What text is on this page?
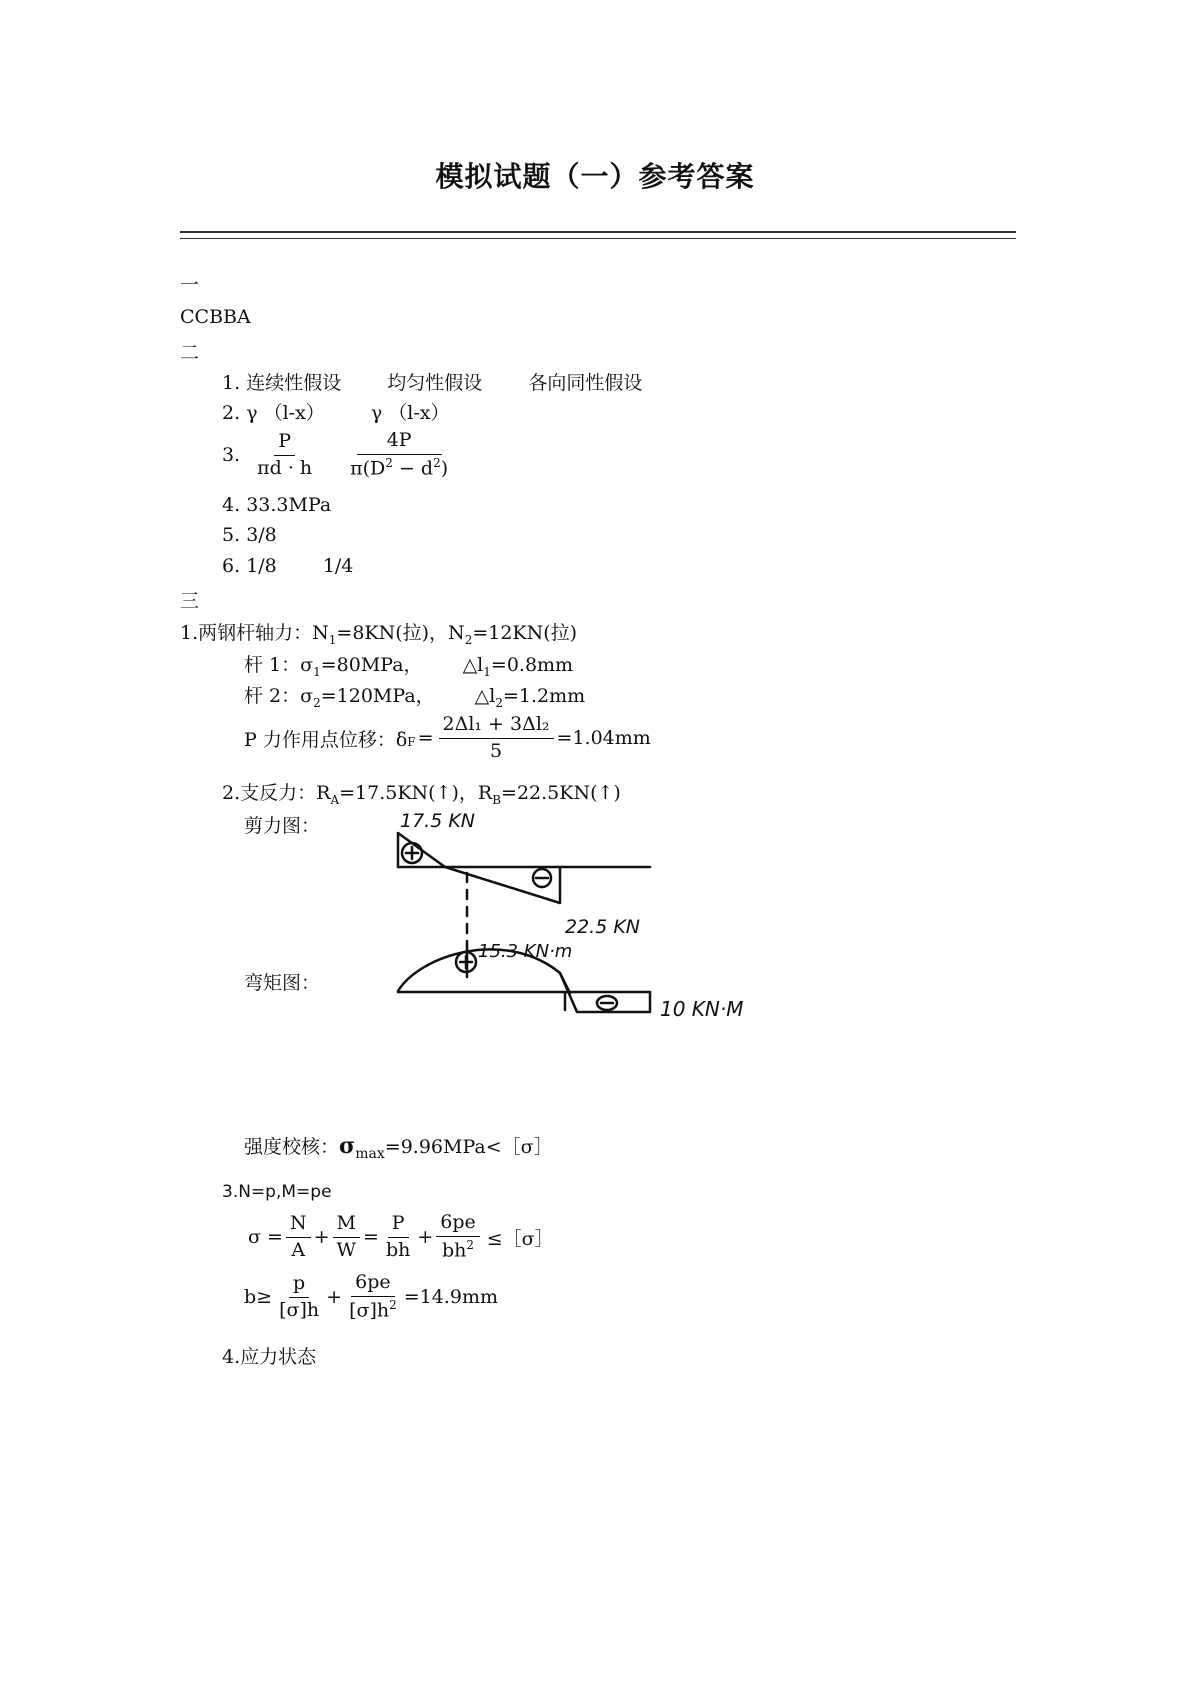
模拟试题（一）参考答案
一
CCBBA
二
1. 连续性假设 均匀性假设 各向同性假设
2. γ （l-x） γ （l-x）
3. $\frac{P}{\pi d \cdot h} \frac{4P}{\pi(D^2 - d^2)}$
4. 33.3MPa
5. 3/8
6. 1/8 1/4
三
1.两钢杆轴力：$N_1=8KN$(拉)，$N_2=12KN$(拉)
杆 1：$\sigma_1=80MPa$， $\triangle l_1=0.8mm$
杆 2：$\sigma_2=120MPa$， $\triangle l_2=1.2mm$
P 力作用点位移：δ $F = \frac{\text{2Δl₁ + 3Δl₂}}{5} =1.04mm$
2.支反力：$R_A=17.5KN(↑)$，$R_B=22.5KN(↑)$
剪力图：
弯矩图：
17.5 KN
22.5 KN
15.3 KN·m
10 KN·M
强度校核：$\sigma_{max}=9.96MPa<[\sigma]$
3.N=p,M=pe
$\sigma = \frac{N}{A} + \frac{M}{W} = \frac{P}{bh} + \frac{6pe}{bh^2}$ ≤［σ］
$b\ge \frac{p}{[\sigma]h} + \frac{6pe}{[\sigma]h^2} =14.9mm$
4.应力状态
